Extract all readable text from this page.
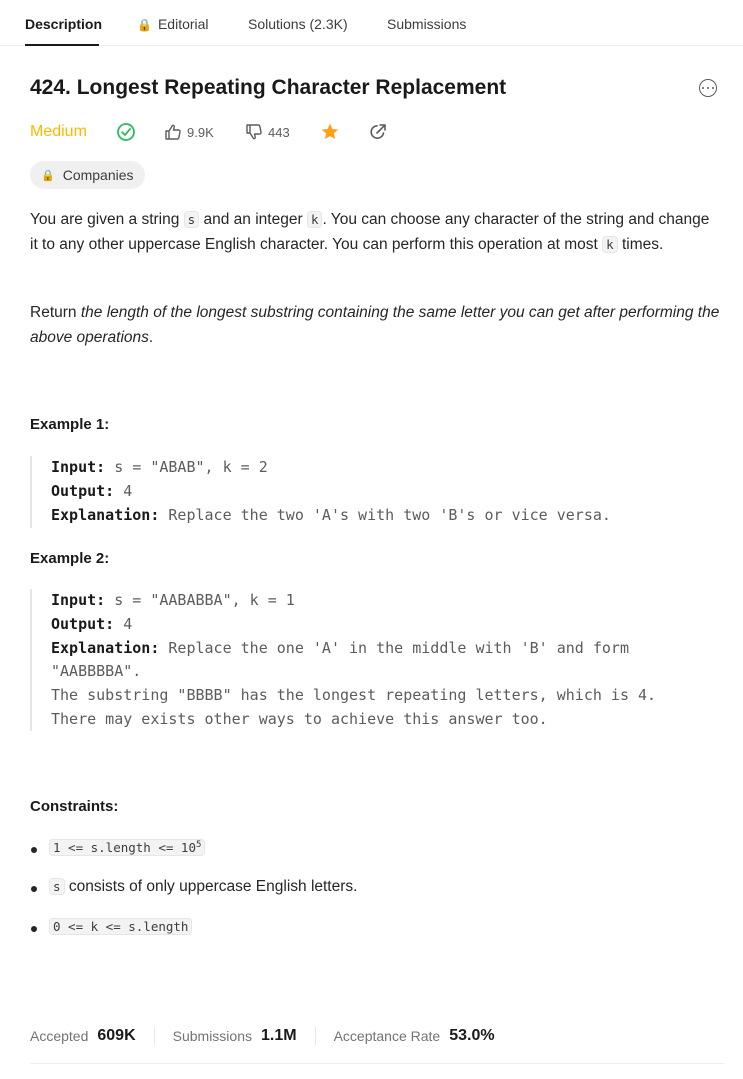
Description	🔒 Editorial	Solutions (2.3K)	Submissions
424. Longest Repeating Character Replacement
Medium	9.9K	443
🔒 Companies
You are given a string s and an integer k . You can choose any character of the string and change it to any other uppercase English character. You can perform this operation at most k times.
Return the length of the longest substring containing the same letter you can get after performing the above operations.
Example 1:
Input: s = "ABAB", k = 2
Output: 4
Explanation: Replace the two 'A's with two 'B's or vice versa.
Example 2:
Input: s = "AABABBA", k = 1
Output: 4
Explanation: Replace the one 'A' in the middle with 'B' and form
"AABBBBA".
The substring "BBBB" has the longest repeating letters, which is 4.
There may exists other ways to achieve this answer too.
Constraints:
1 <= s.length <= $10^5$
s consists of only uppercase English letters.
0 <= k <= s.length
Accepted 609K	Submissions 1.1M	Acceptance Rate 53.0%
